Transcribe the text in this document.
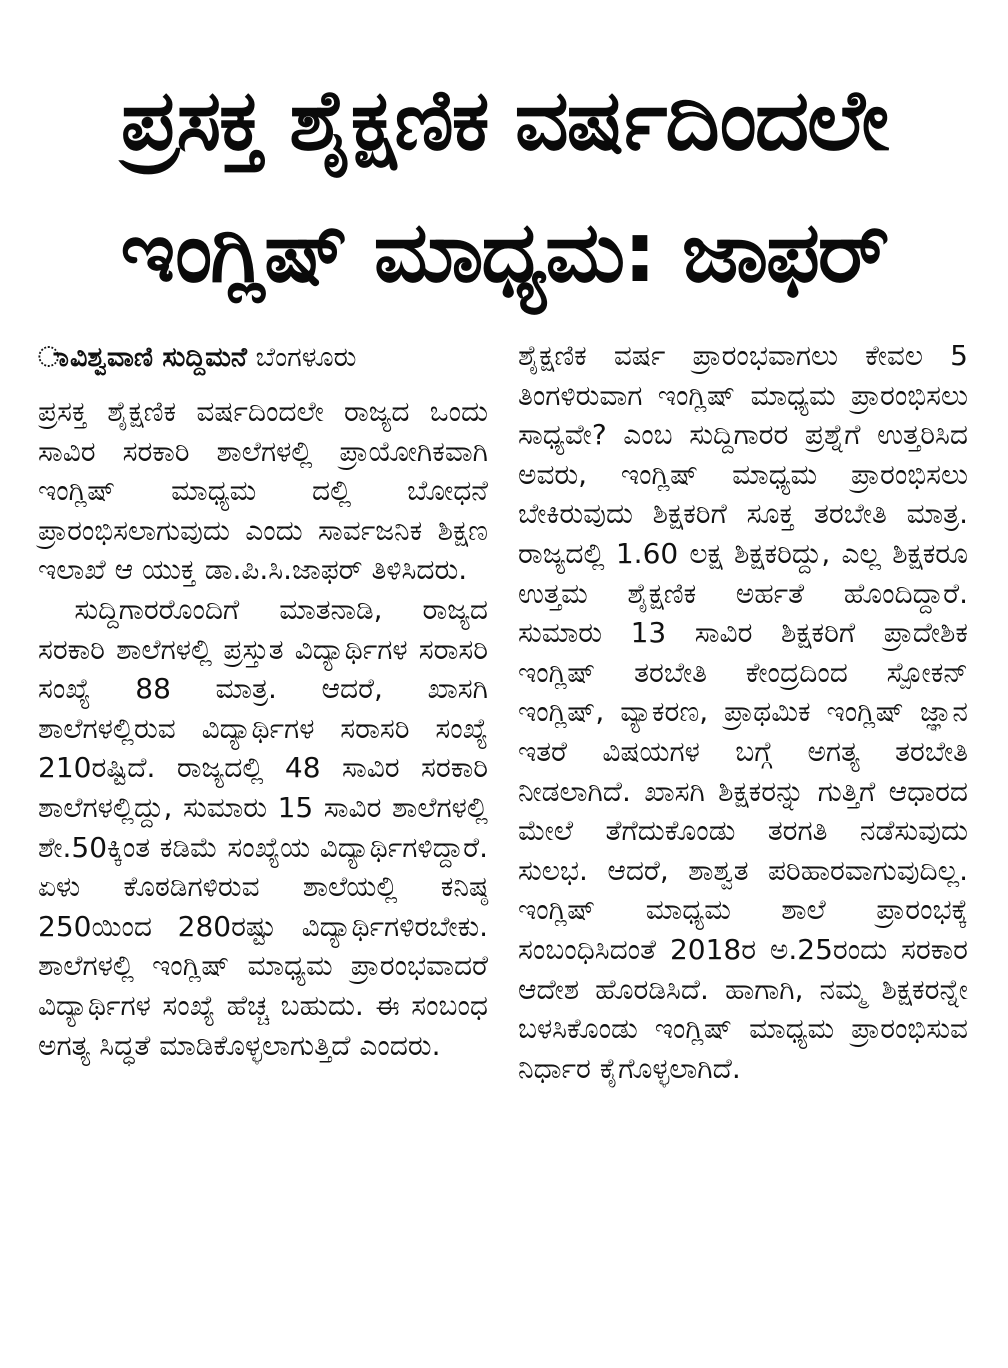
ಪ್ರಸಕ್ತ ಶೈಕ್ಷಣಿಕ ವರ್ಷದಿಂದಲೇ
ಇಂಗ್ಲಿಷ್ ಮಾಧ್ಯಮ: ಜಾಫರ್
ಾವಿಶ್ವವಾಣಿ ಸುದ್ದಿಮನೆ ಬೆಂಗಳೂರು

ಪ್ರಸಕ್ತ ಶೈಕ್ಷಣಿಕ ವರ್ಷದಿಂದಲೇ ರಾಜ್ಯದ ಒಂದು ಸಾವಿರ ಸರಕಾರಿ ಶಾಲೆಗಳಲ್ಲಿ ಪ್ರಾಯೋಗಿಕವಾಗಿ ಇಂಗ್ಲಿಷ್ ಮಾಧ್ಯಮ ದಲ್ಲಿ ಬೋಧನೆ ಪ್ರಾರಂಭಿಸಲಾಗುವುದು ಎಂದು ಸಾರ್ವಜನಿಕ ಶಿಕ್ಷಣ ಇಲಾಖೆ ಆ ಯುಕ್ತ ಡಾ.ಪಿ.ಸಿ.ಜಾಫರ್ ತಿಳಿಸಿದರು.

ಸುದ್ದಿಗಾರರೊಂದಿಗೆ ಮಾತನಾಡಿ, ರಾಜ್ಯದ ಸರಕಾರಿ ಶಾಲೆಗಳಲ್ಲಿ ಪ್ರಸ್ತುತ ವಿದ್ಯಾರ್ಥಿಗಳ ಸರಾಸರಿ ಸಂಖ್ಯೆ 88 ಮಾತ್ರ. ಆದರೆ, ಖಾಸಗಿ ಶಾಲೆಗಳಲ್ಲಿರುವ ವಿದ್ಯಾರ್ಥಿಗಳ ಸರಾಸರಿ ಸಂಖ್ಯೆ 210ರಷ್ಟಿದೆ. ರಾಜ್ಯದಲ್ಲಿ 48 ಸಾವಿರ ಸರಕಾರಿ ಶಾಲೆಗಳಲ್ಲಿದ್ದು, ಸುಮಾರು 15 ಸಾವಿರ ಶಾಲೆಗಳಲ್ಲಿ ಶೇ.50ಕ್ಕಿಂತ ಕಡಿಮೆ ಸಂಖ್ಯೆಯ ವಿದ್ಯಾರ್ಥಿಗಳಿದ್ದಾರೆ. ಏಳು ಕೊಠಡಿಗಳಿರುವ ಶಾಲೆಯಲ್ಲಿ ಕನಿಷ್ಠ 250ಯಿಂದ 280ರಷ್ಟು ವಿದ್ಯಾರ್ಥಿಗಳಿರಬೇಕು. ಶಾಲೆಗಳಲ್ಲಿ ಇಂಗ್ಲಿಷ್ ಮಾಧ್ಯಮ ಪ್ರಾರಂಭವಾದರೆ ವಿದ್ಯಾರ್ಥಿಗಳ ಸಂಖ್ಯೆ ಹೆಚ್ಚ ಬಹುದು. ಈ ಸಂಬಂಧ ಅಗತ್ಯ ಸಿದ್ಧತೆ ಮಾಡಿಕೊಳ್ಳಲಾಗುತ್ತಿದೆ ಎಂದರು.

ಶೈಕ್ಷಣಿಕ ವರ್ಷ ಪ್ರಾರಂಭವಾಗಲು ಕೇವಲ 5 ತಿಂಗಳಿರುವಾಗ ಇಂಗ್ಲಿಷ್ ಮಾಧ್ಯಮ ಪ್ರಾರಂಭಿಸಲು ಸಾಧ್ಯವೇ? ಎಂಬ ಸುದ್ದಿಗಾರರ ಪ್ರಶ್ನೆಗೆ ಉತ್ತರಿಸಿದ ಅವರು, ಇಂಗ್ಲಿಷ್ ಮಾಧ್ಯಮ ಪ್ರಾರಂಭಿಸಲು ಬೇಕಿರುವುದು ಶಿಕ್ಷಕರಿಗೆ ಸೂಕ್ತ ತರಬೇತಿ ಮಾತ್ರ. ರಾಜ್ಯದಲ್ಲಿ 1.60 ಲಕ್ಷ ಶಿಕ್ಷಕರಿದ್ದು, ಎಲ್ಲ ಶಿಕ್ಷಕರೂ ಉತ್ತಮ ಶೈಕ್ಷಣಿಕ ಅರ್ಹತೆ ಹೊಂದಿದ್ದಾರೆ. ಸುಮಾರು 13 ಸಾವಿರ ಶಿಕ್ಷಕರಿಗೆ ಪ್ರಾದೇಶಿಕ ಇಂಗ್ಲಿಷ್ ತರಬೇತಿ ಕೇಂದ್ರದಿಂದ ಸ್ಪೋಕನ್ ಇಂಗ್ಲಿಷ್, ವ್ಯಾಕರಣ, ಪ್ರಾಥಮಿಕ ಇಂಗ್ಲಿಷ್ ಜ್ಞಾನ ಇತರೆ ವಿಷಯಗಳ ಬಗ್ಗೆ ಅಗತ್ಯ ತರಬೇತಿ ನೀಡಲಾಗಿದೆ. ಖಾಸಗಿ ಶಿಕ್ಷಕರನ್ನು ಗುತ್ತಿಗೆ ಆಧಾರದ ಮೇಲೆ ತೆಗೆದುಕೊಂಡು ತರಗತಿ ನಡೆಸುವುದು ಸುಲಭ. ಆದರೆ, ಶಾಶ್ವತ ಪರಿಹಾರವಾಗುವುದಿಲ್ಲ. ಇಂಗ್ಲಿಷ್ ಮಾಧ್ಯಮ ಶಾಲೆ ಪ್ರಾರಂಭಕ್ಕೆ ಸಂಬಂಧಿಸಿದಂತೆ 2018ರ ಅ.25ರಂದು ಸರಕಾರ ಆದೇಶ ಹೊರಡಿಸಿದೆ. ಹಾಗಾಗಿ, ನಮ್ಮ ಶಿಕ್ಷಕರನ್ನೇ ಬಳಸಿಕೊಂಡು ಇಂಗ್ಲಿಷ್ ಮಾಧ್ಯಮ ಪ್ರಾರಂಭಿಸುವ ನಿರ್ಧಾರ ಕೈಗೊಳ್ಳಲಾಗಿದೆ.
